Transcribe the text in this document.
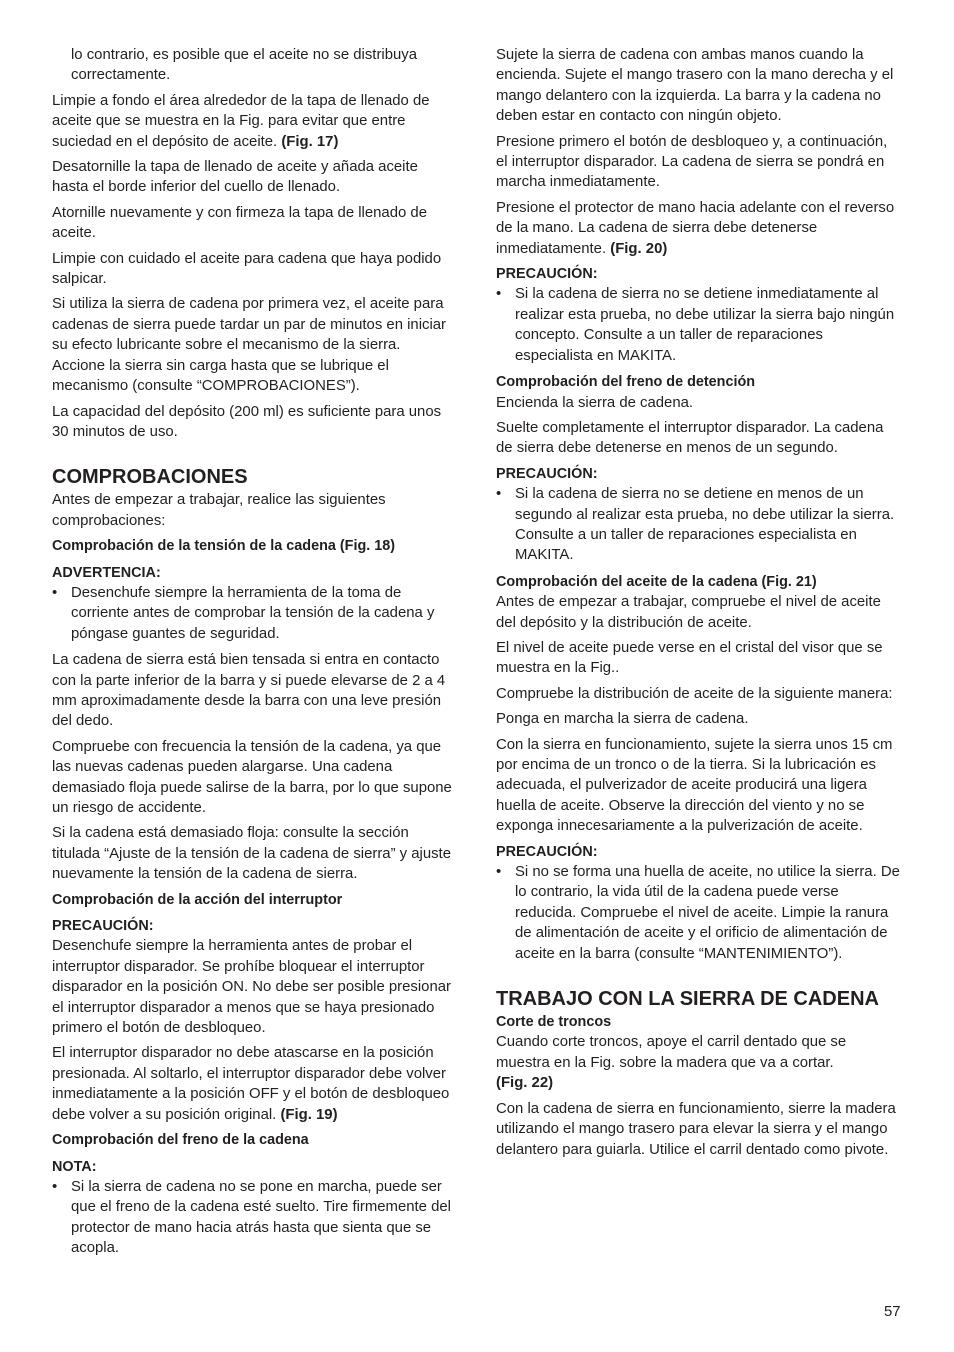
lo contrario, es posible que el aceite no se distribuya correctamente.

Limpie a fondo el área alrededor de la tapa de llenado de aceite que se muestra en la Fig. para evitar que entre suciedad en el depósito de aceite. (Fig. 17)

Desatornille la tapa de llenado de aceite y añada aceite hasta el borde inferior del cuello de llenado.

Atornille nuevamente y con firmeza la tapa de llenado de aceite.

Limpie con cuidado el aceite para cadena que haya podido salpicar.

Si utiliza la sierra de cadena por primera vez, el aceite para cadenas de sierra puede tardar un par de minutos en iniciar su efecto lubricante sobre el mecanismo de la sierra. Accione la sierra sin carga hasta que se lubrique el mecanismo (consulte “COMPROBACIONES”).

La capacidad del depósito (200 ml) es suficiente para unos 30 minutos de uso.

COMPROBACIONES

Antes de empezar a trabajar, realice las siguientes comprobaciones:

Comprobación de la tensión de la cadena (Fig. 18)
ADVERTENCIA:
• Desenchufe siempre la herramienta de la toma de corriente antes de comprobar la tensión de la cadena y póngase guantes de seguridad.

La cadena de sierra está bien tensada si entra en contacto con la parte inferior de la barra y si puede elevarse de 2 a 4 mm aproximadamente desde la barra con una leve presión del dedo.

Compruebe con frecuencia la tensión de la cadena, ya que las nuevas cadenas pueden alargarse. Una cadena demasiado floja puede salirse de la barra, por lo que supone un riesgo de accidente.

Si la cadena está demasiado floja: consulte la sección titulada “Ajuste de la tensión de la cadena de sierra” y ajuste nuevamente la tensión de la cadena de sierra.

Comprobación de la acción del interruptor
PRECAUCIÓN:

Desenchufe siempre la herramienta antes de probar el interruptor disparador. Se prohíbe bloquear el interruptor disparador en la posición ON. No debe ser posible presionar el interruptor disparador a menos que se haya presionado primero el botón de desbloqueo.

El interruptor disparador no debe atascarse en la posición presionada. Al soltarlo, el interruptor disparador debe volver inmediatamente a la posición OFF y el botón de desbloqueo debe volver a su posición original. (Fig. 19)

Comprobación del freno de la cadena
NOTA:
• Si la sierra de cadena no se pone en marcha, puede ser que el freno de la cadena esté suelto. Tire firmemente del protector de mano hacia atrás hasta que sienta que se acopla.

Sujete la sierra de cadena con ambas manos cuando la encienda. Sujete el mango trasero con la mano derecha y el mango delantero con la izquierda. La barra y la cadena no deben estar en contacto con ningún objeto.

Presione primero el botón de desbloqueo y, a continuación, el interruptor disparador. La cadena de sierra se pondrá en marcha inmediatamente.

Presione el protector de mano hacia adelante con el reverso de la mano. La cadena de sierra debe detenerse inmediatamente. (Fig. 20)

PRECAUCIÓN:
• Si la cadena de sierra no se detiene inmediatamente al realizar esta prueba, no debe utilizar la sierra bajo ningún concepto. Consulte a un taller de reparaciones especialista en MAKITA.
Comprobación del freno de detención

Encienda la sierra de cadena.

Suelte completamente el interruptor disparador. La cadena de sierra debe detenerse en menos de un segundo.

PRECAUCIÓN:
• Si la cadena de sierra no se detiene en menos de un segundo al realizar esta prueba, no debe utilizar la sierra. Consulte a un taller de reparaciones especialista en MAKITA.
Comprobación del aceite de la cadena (Fig. 21)

Antes de empezar a trabajar, compruebe el nivel de aceite del depósito y la distribución de aceite.

El nivel de aceite puede verse en el cristal del visor que se muestra en la Fig..

Compruebe la distribución de aceite de la siguiente manera:

Ponga en marcha la sierra de cadena.

Con la sierra en funcionamiento, sujete la sierra unos 15 cm por encima de un tronco o de la tierra. Si la lubricación es adecuada, el pulverizador de aceite producirá una ligera huella de aceite. Observe la dirección del viento y no se exponga innecesariamente a la pulverización de aceite.

PRECAUCIÓN:
• Si no se forma una huella de aceite, no utilice la sierra. De lo contrario, la vida útil de la cadena puede verse reducida. Compruebe el nivel de aceite. Limpie la ranura de alimentación de aceite y el orificio de alimentación de aceite en la barra (consulte “MANTENIMIENTO”).
TRABAJO CON LA SIERRA DE CADENA
Corte de troncos

Cuando corte troncos, apoye el carril dentado que se muestra en la Fig. sobre la madera que va a cortar.
(Fig. 22)

Con la cadena de sierra en funcionamiento, sierre la madera utilizando el mango trasero para elevar la sierra y el mango delantero para guiarla. Utilice el carril dentado como pivote.

57
